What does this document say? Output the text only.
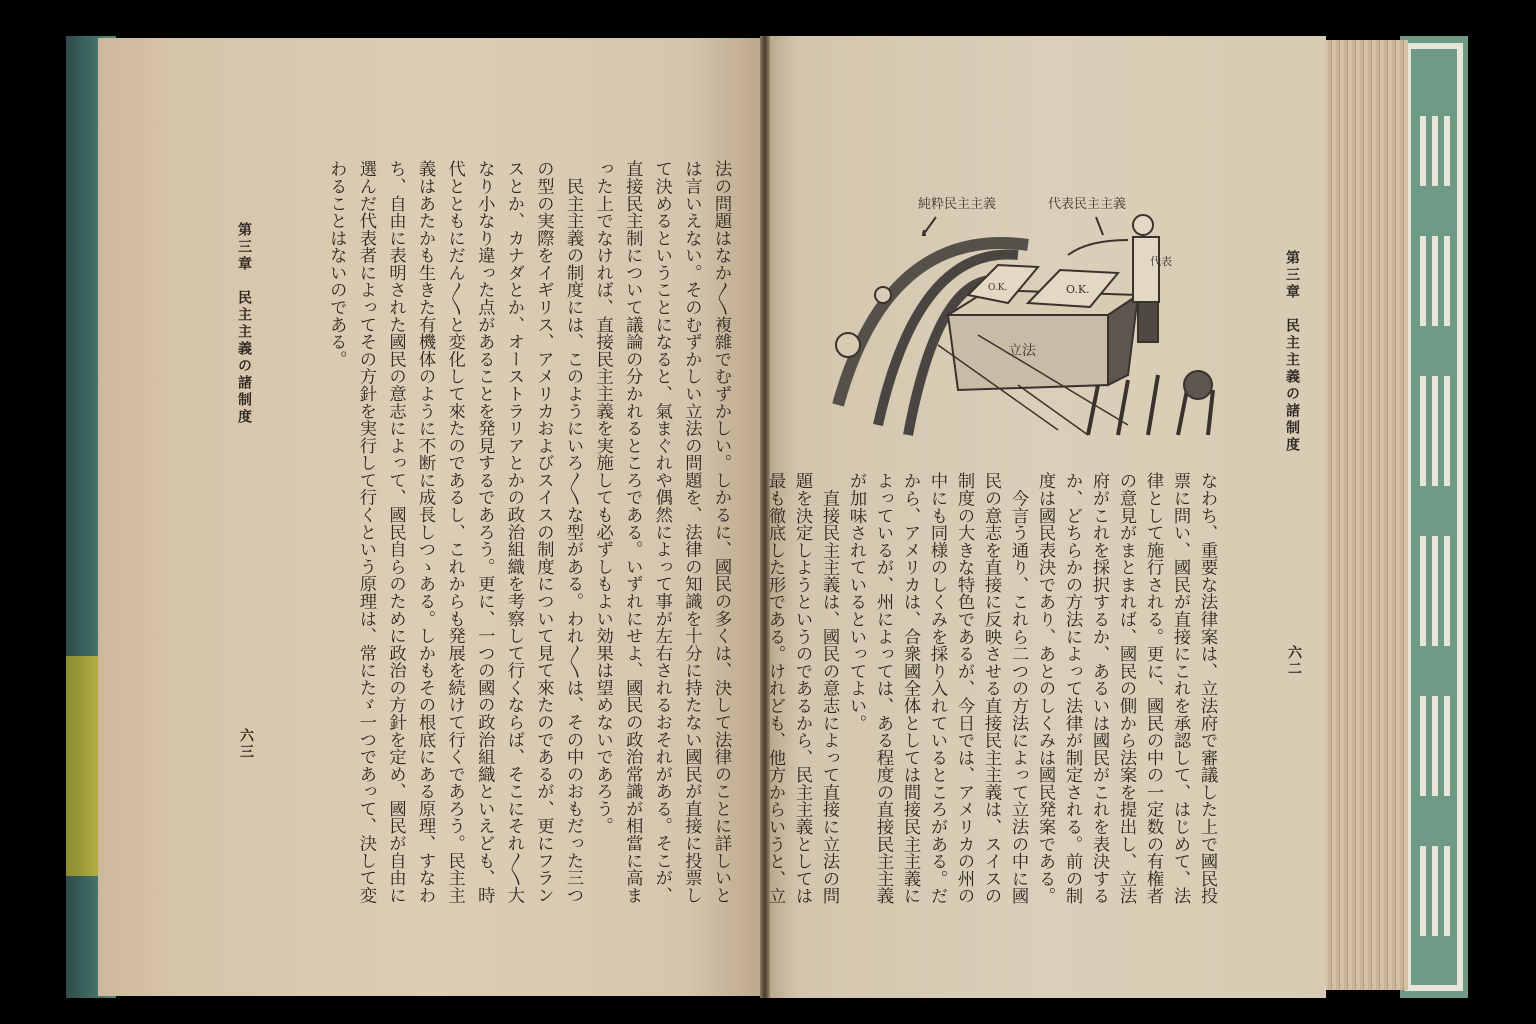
第三章　民主主義の諸制度
六三	法の問題はなか〱複雜でむずかしい。しかるに、國民の多くは、決して法律のことに詳しいと
は言いえない。そのむずかしい立法の問題を、法律の知識を十分に持たない國民が直接に投票し
て決めるということになると、氣まぐれや偶然によって事が左右されるおそれがある。そこが、
直接民主制について議論の分かれるところである。いずれにせよ、國民の政治常識が相當に高ま
った上でなければ、直接民主主義を実施しても必ずしもよい効果は望めないであろう。
　民主主義の制度には、このようにいろ〱な型がある。われ〱は、その中のおもだった三つ
の型の実際をイギリス、アメリカおよびスイスの制度について見て來たのであるが、更にフラン
スとか、カナダとか、オーストラリアとかの政治組織を考察して行くならば、そこにそれ〱大
なり小なり違った点があることを発見するであろう。更に、一つの國の政治組織といえども、時
代とともにだん〱と変化して來たのであるし、これからも発展を続けて行くであろう。民主主
義はあたかも生きた有機体のように不断に成長しつゝある。しかもその根底にある原理、すなわ
ち、自由に表明された國民の意志によって、國民自らのために政治の方針を定め、國民が自由に
選んだ代表者によってその方針を実行して行くという原理は、常にたゞ一つであって、決して変
わることはないのである。	第三章　民主主義の諸制度
六二
代表
立法
O.K.	O.K.
純粋民主主義	代表民主主義
なわち、重要な法律案は、立法府で審議した上で國民投
票に問い、國民が直接にこれを承認して、はじめて、法
律として施行される。更に、國民の中の一定数の有権者
の意見がまとまれば、國民の側から法案を提出し、立法
府がこれを採択するか、あるいは國民がこれを表決する
か、どちらかの方法によって法律が制定される。前の制
度は國民表決であり、あとのしくみは國民発案である。
　今言う通り、これら二つの方法によって立法の中に國
民の意志を直接に反映させる直接民主主義は、スイスの
制度の大きな特色であるが、今日では、アメリカの州の
中にも同様のしくみを採り入れているところがある。だ
から、アメリカは、合衆國全体としては間接民主主義に
よっているが、州によっては、ある程度の直接民主主義
が加味されているといってよい。
　直接民主主義は、國民の意志によって直接に立法の問
題を決定しようというのであるから、民主主義としては
最も徹底した形である。けれども、他方からいうと、立
